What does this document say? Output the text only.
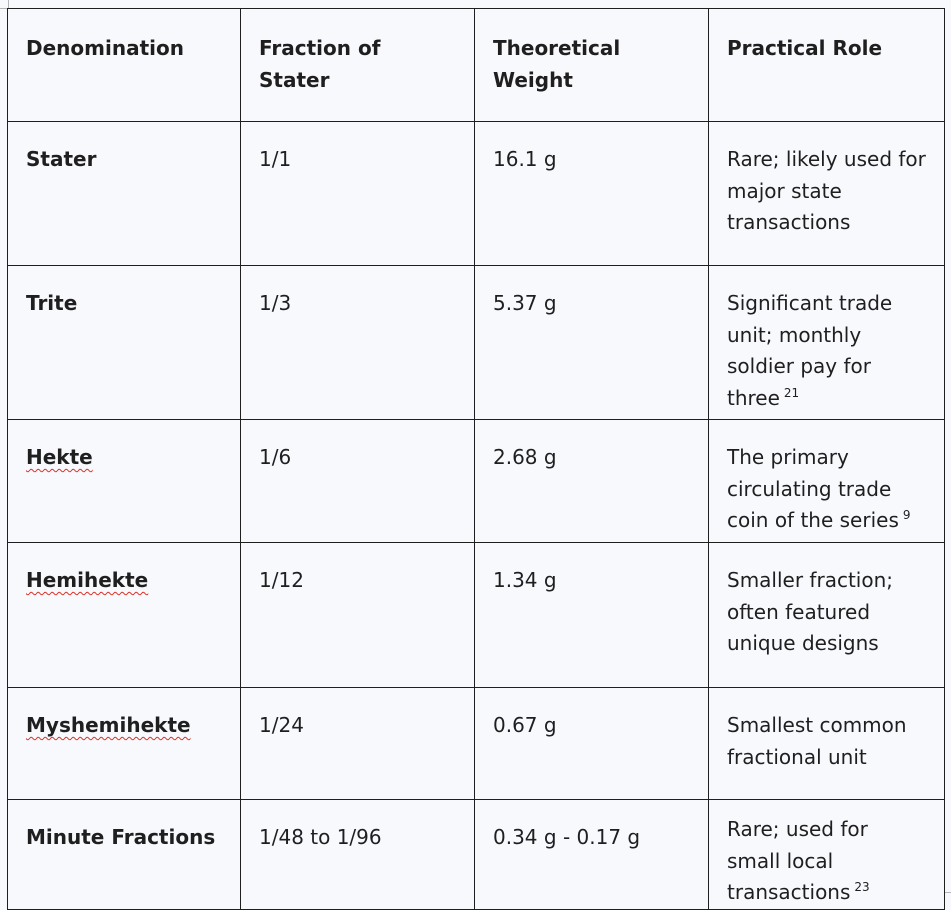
Denomination	Fraction of Stater	Theoretical Weight	Practical Role
Stater	1/1	16.1 g	Rare; likely used for major state transactions
Trite	1/3	5.37 g	Significant trade unit; monthly soldier pay for three $^{21}$
Hekte	1/6	2.68 g	The primary circulating trade coin of the series $^9$
Hemihekte	1/12	1.34 g	Smaller fraction; often featured unique designs
Myshemihekte	1/24	0.67 g	Smallest common fractional unit
Minute Fractions	1/48 to 1/96	0.34 g - 0.17 g	Rare; used for small local transactions $^{23}$
